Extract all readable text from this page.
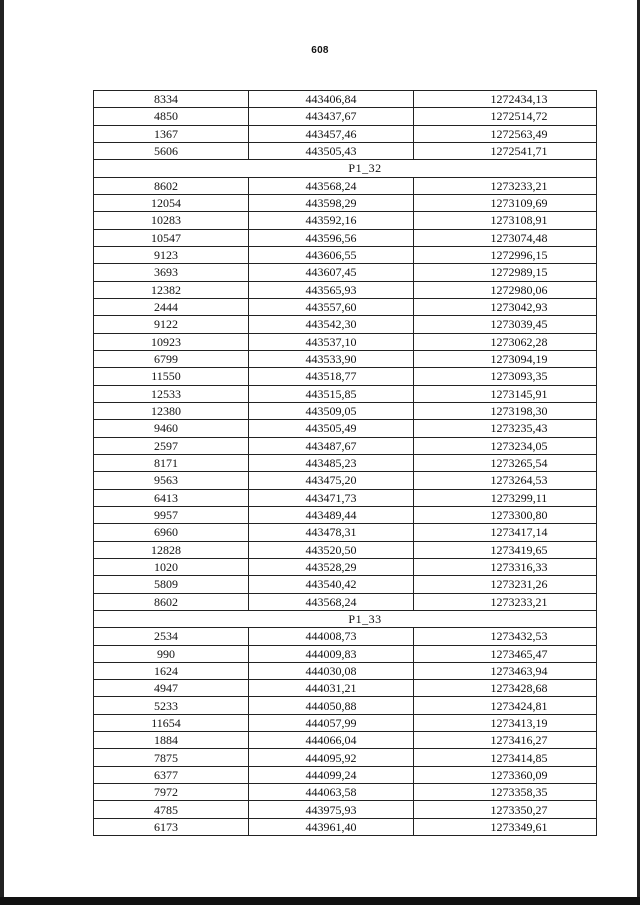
608
8334	443406,84	1272434,13
4850	443437,67	1272514,72
1367	443457,46	1272563,49
5606	443505,43	1272541,71
P1_32		
8602	443568,24	1273233,21
12054	443598,29	1273109,69
10283	443592,16	1273108,91
10547	443596,56	1273074,48
9123	443606,55	1272996,15
3693	443607,45	1272989,15
12382	443565,93	1272980,06
2444	443557,60	1273042,93
9122	443542,30	1273039,45
10923	443537,10	1273062,28
6799	443533,90	1273094,19
11550	443518,77	1273093,35
12533	443515,85	1273145,91
12380	443509,05	1273198,30
9460	443505,49	1273235,43
2597	443487,67	1273234,05
8171	443485,23	1273265,54
9563	443475,20	1273264,53
6413	443471,73	1273299,11
9957	443489,44	1273300,80
6960	443478,31	1273417,14
12828	443520,50	1273419,65
1020	443528,29	1273316,33
5809	443540,42	1273231,26
8602	443568,24	1273233,21
P1_33		
2534	444008,73	1273432,53
990	444009,83	1273465,47
1624	444030,08	1273463,94
4947	444031,21	1273428,68
5233	444050,88	1273424,81
11654	444057,99	1273413,19
1884	444066,04	1273416,27
7875	444095,92	1273414,85
6377	444099,24	1273360,09
7972	444063,58	1273358,35
4785	443975,93	1273350,27
6173	443961,40	1273349,61
